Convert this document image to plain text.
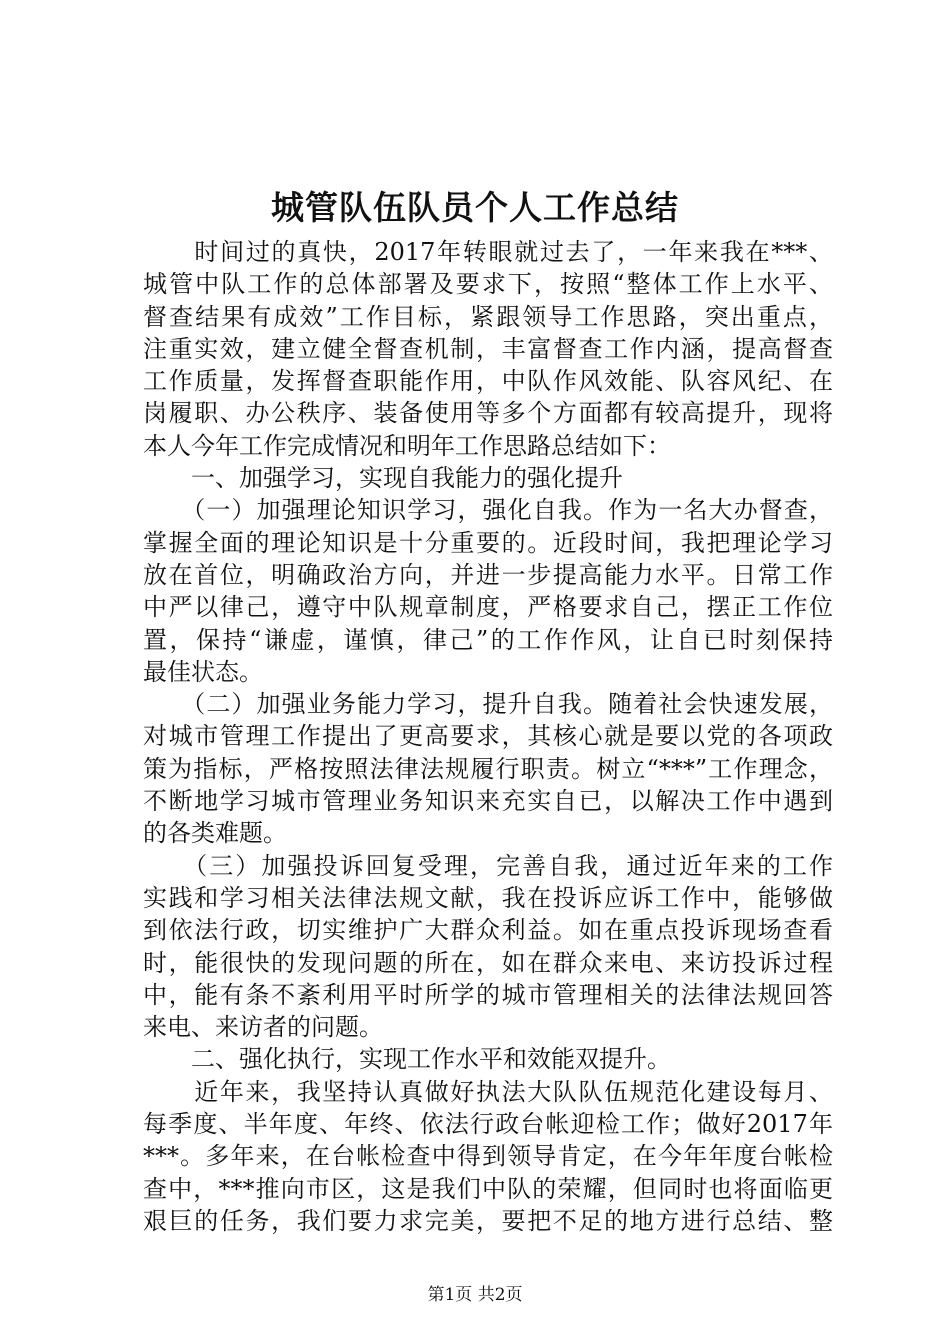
城管队伍队员个人工作总结
　　时间过的真快，2017年转眼就过去了，一年来我在***、
城管中队工作的总体部署及要求下，按照“整体工作上水平、
督查结果有成效”工作目标，紧跟领导工作思路，突出重点，
注重实效，建立健全督查机制，丰富督查工作内涵，提高督查
工作质量，发挥督查职能作用，中队作风效能、队容风纪、在
岗履职、办公秩序、装备使用等多个方面都有较高提升，现将
本人今年工作完成情况和明年工作思路总结如下：
　　一、加强学习，实现自我能力的强化提升
　　（一）加强理论知识学习，强化自我。作为一名大办督查，
掌握全面的理论知识是十分重要的。近段时间，我把理论学习
放在首位，明确政治方向，并进一步提高能力水平。日常工作
中严以律己，遵守中队规章制度，严格要求自己，摆正工作位
置，保持“谦虚，谨慎，律己”的工作作风，让自已时刻保持
最佳状态。
　　（二）加强业务能力学习，提升自我。随着社会快速发展，
对城市管理工作提出了更高要求，其核心就是要以党的各项政
策为指标，严格按照法律法规履行职责。树立“***”工作理念，
不断地学习城市管理业务知识来充实自已，以解决工作中遇到
的各类难题。
　　（三）加强投诉回复受理，完善自我，通过近年来的工作
实践和学习相关法律法规文献，我在投诉应诉工作中，能够做
到依法行政，切实维护广大群众利益。如在重点投诉现场查看
时，能很快的发现问题的所在，如在群众来电、来访投诉过程
中，能有条不紊利用平时所学的城市管理相关的法律法规回答
来电、来访者的问题。
　　二、强化执行，实现工作水平和效能双提升。
　　近年来，我坚持认真做好执法大队队伍规范化建设每月、
每季度、半年度、年终、依法行政台帐迎检工作；做好2017年
***。多年来，在台帐检查中得到领导肯定，在今年年度台帐检
查中，***推向市区，这是我们中队的荣耀，但同时也将面临更
艰巨的任务，我们要力求完美，要把不足的地方进行总结、整
第1页 共2页
